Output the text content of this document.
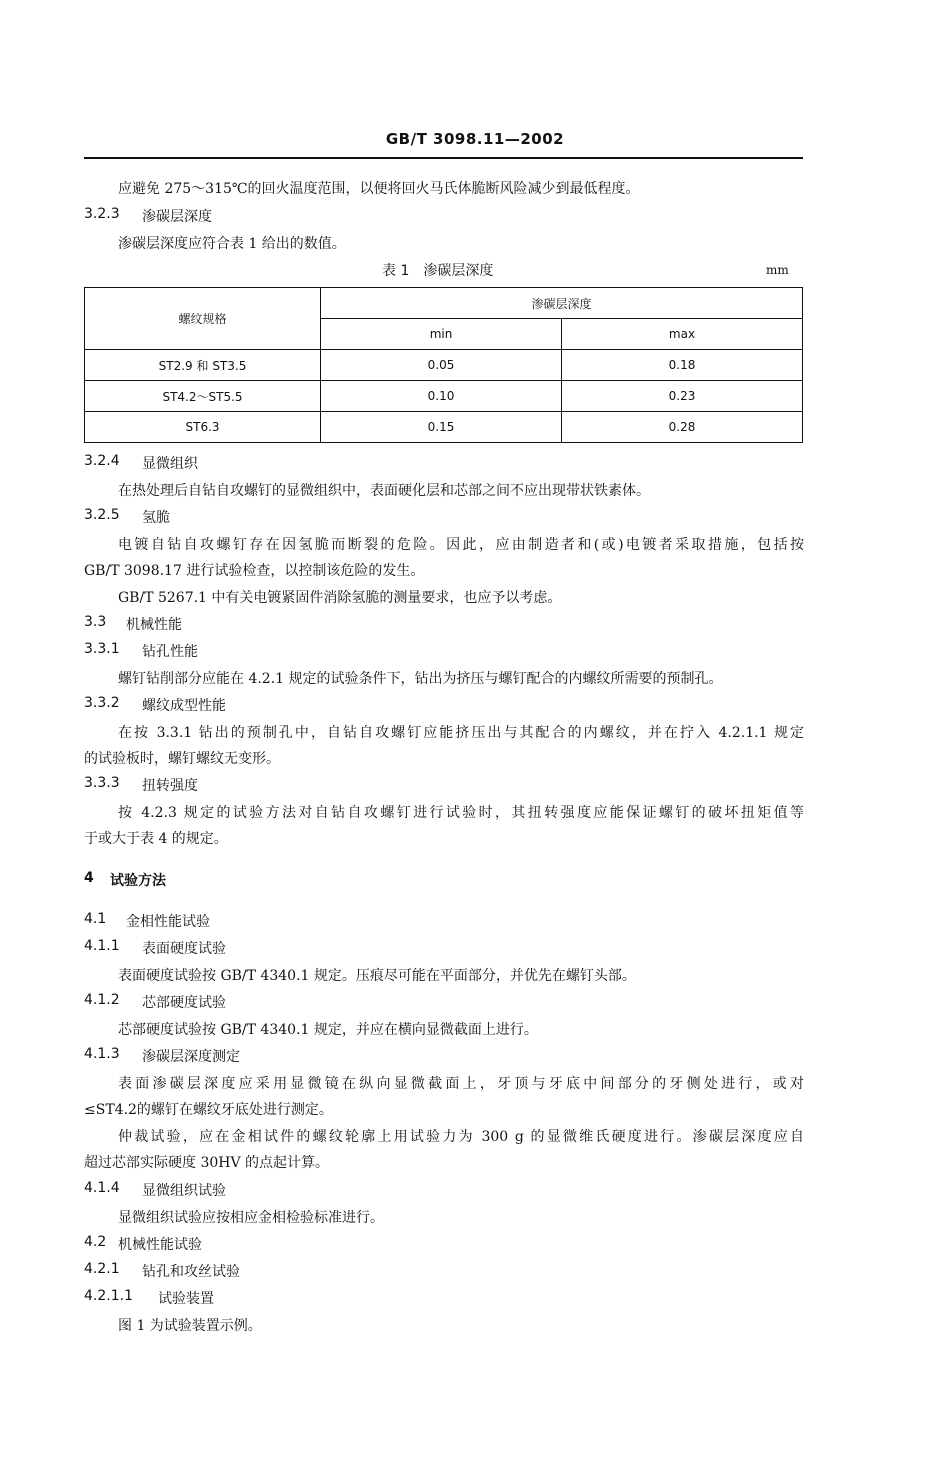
GB/T 3098.11—2002
应避免 275～315℃的回火温度范围，以便将回火马氏体脆断风险减少到最低程度。
3.2.3 渗碳层深度
渗碳层深度应符合表 1 给出的数值。
表 1　渗碳层深度	mm
螺纹规格	渗碳层深度	
	min	max
ST2.9 和 ST3.5	0.05	0.18
ST4.2～ST5.5	0.10	0.23
ST6.3	0.15	0.28
3.2.4 显微组织
在热处理后自钻自攻螺钉的显微组织中，表面硬化层和芯部之间不应出现带状铁素体。
3.2.5 氢脆
电镀自钻自攻螺钉存在因氢脆而断裂的危险。因此，应由制造者和(或)电镀者采取措施，包括按
GB/T 3098.17 进行试验检查，以控制该危险的发生。
GB/T 5267.1 中有关电镀紧固件消除氢脆的测量要求，也应予以考虑。
3.3 机械性能
3.3.1 钻孔性能
螺钉钻削部分应能在 4.2.1 规定的试验条件下，钻出为挤压与螺钉配合的内螺纹所需要的预制孔。
3.3.2 螺纹成型性能
在按 3.3.1 钻出的预制孔中，自钻自攻螺钉应能挤压出与其配合的内螺纹，并在拧入 4.2.1.1 规定
的试验板时，螺钉螺纹无变形。
3.3.3 扭转强度
按 4.2.3 规定的试验方法对自钻自攻螺钉进行试验时，其扭转强度应能保证螺钉的破坏扭矩值等
于或大于表 4 的规定。
4 试验方法
4.1 金相性能试验
4.1.1 表面硬度试验
表面硬度试验按 GB/T 4340.1 规定。压痕尽可能在平面部分，并优先在螺钉头部。
4.1.2 芯部硬度试验
芯部硬度试验按 GB/T 4340.1 规定，并应在横向显微截面上进行。
4.1.3 渗碳层深度测定
表面渗碳层深度应采用显微镜在纵向显微截面上，牙顶与牙底中间部分的牙侧处进行，或对
≤ST4.2的螺钉在螺纹牙底处进行测定。
仲裁试验，应在金相试件的螺纹轮廓上用试验力为 300 g 的显微维氏硬度进行。渗碳层深度应自
超过芯部实际硬度 30HV 的点起计算。
4.1.4 显微组织试验
显微组织试验应按相应金相检验标准进行。
4.2 机械性能试验
4.2.1 钻孔和攻丝试验
4.2.1.1 试验装置
图 1 为试验装置示例。
